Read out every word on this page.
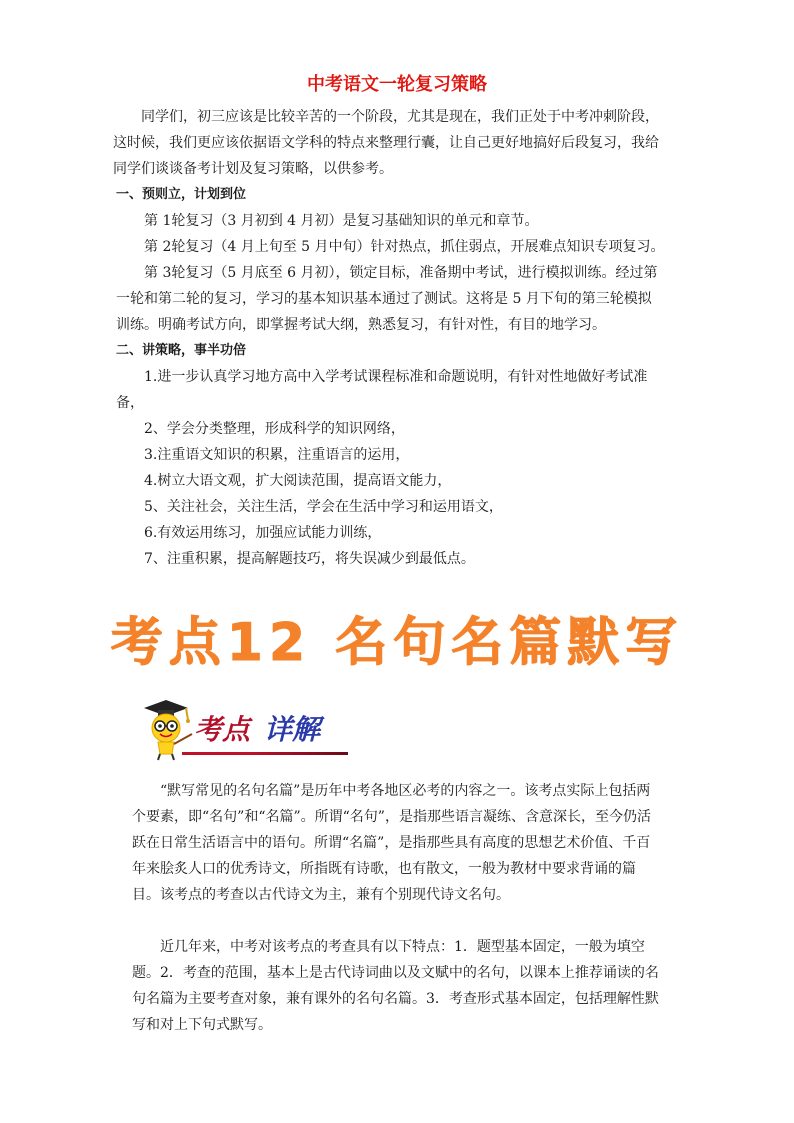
中考语文一轮复习策略

同学们，初三应该是比较辛苦的一个阶段，尤其是现在，我们正处于中考冲刺阶段，这时候，我们更应该依据语文学科的特点来整理行囊，让自己更好地搞好后段复习，我给同学们谈谈备考计划及复习策略，以供参考。

一、预则立，计划到位

第 1轮复习（3 月初到 4 月初）是复习基础知识的单元和章节。

第 2轮复习（4 月上旬至 5 月中旬）针对热点，抓住弱点，开展难点知识专项复习。

第 3轮复习（5 月底至 6 月初），锁定目标，准备期中考试，进行模拟训练。经过第一轮和第二轮的复习，学习的基本知识基本通过了测试。这将是 5 月下旬的第三轮模拟训练。明确考试方向，即掌握考试大纲，熟悉复习，有针对性，有目的地学习。

二、讲策略，事半功倍

1.进一步认真学习地方高中入学考试课程标准和命题说明，有针对性地做好考试准备，

2、学会分类整理，形成科学的知识网络，

3.注重语文知识的积累，注重语言的运用，

4.树立大语文观，扩大阅读范围，提高语文能力，

5、关注社会，关注生活，学会在生活中学习和运用语文，

6.有效运用练习，加强应试能力训练，

7、注重积累，提高解题技巧，将失误减少到最低点。

考点12 名句名篇默写
考点 详解

“默写常见的名句名篇”是历年中考各地区必考的内容之一。该考点实际上包括两个要素，即“名句”和“名篇”。所谓“名句”，是指那些语言凝练、含意深长，至今仍活跃在日常生活语言中的语句。所谓“名篇”，是指那些具有高度的思想艺术价值、千百年来脍炙人口的优秀诗文，所指既有诗歌，也有散文，一般为教材中要求背诵的篇目。该考点的考查以古代诗文为主，兼有个别现代诗文名句。

近几年来，中考对该考点的考查具有以下特点：1．题型基本固定，一般为填空题。2．考查的范围，基本上是古代诗词曲以及文赋中的名句，以课本上推荐诵读的名句名篇为主要考查对象，兼有课外的名句名篇。3．考查形式基本固定，包括理解性默写和对上下句式默写。
